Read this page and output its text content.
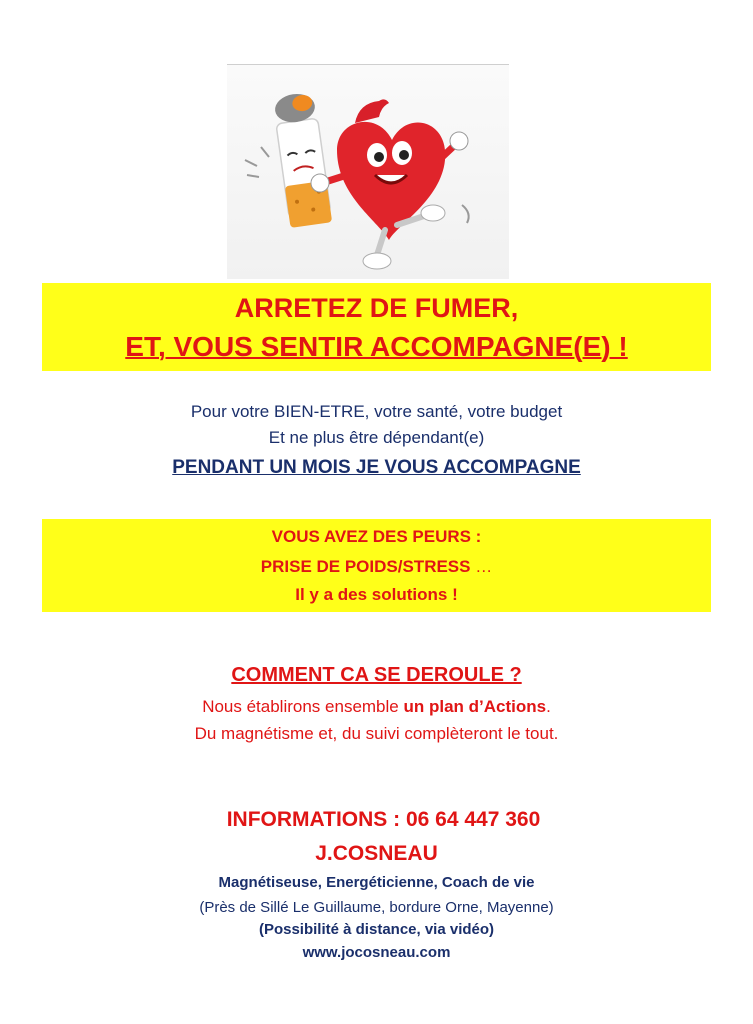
ARRETEZ DE FUMER,
ET, VOUS SENTIR ACCOMPAGNE(E) !
Pour votre BIEN-ETRE, votre santé, votre budget
Et ne plus être dépendant(e)
PENDANT UN MOIS JE VOUS ACCOMPAGNE
VOUS AVEZ DES PEURS :
PRISE DE POIDS/STRESS …
Il y a des solutions !
COMMENT CA SE DEROULE ?
Nous établirons ensemble un plan d’Actions.
Du magnétisme et, du suivi complèteront le tout.
INFORMATIONS : 06 64 447 360
J.COSNEAU
Magnétiseuse, Energéticienne, Coach de vie
(Près de Sillé Le Guillaume, bordure Orne, Mayenne)
(Possibilité à distance, via vidéo)
www.jocosneau.com
